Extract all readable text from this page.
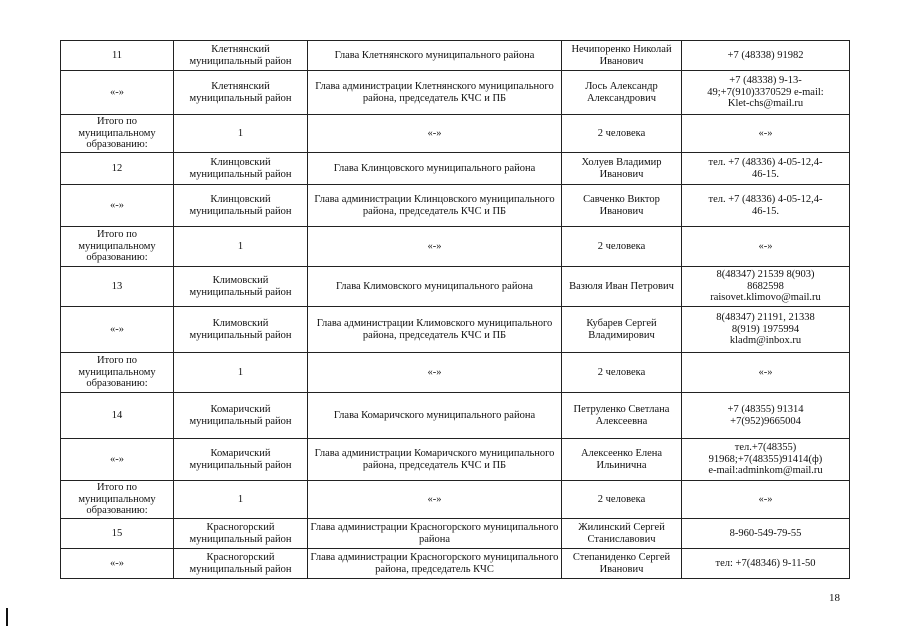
11	Клетнянский муниципальный район	Глава Клетнянского муниципального района	Нечипоренко Николай Иванович	+7 (48338) 91982
«-»	Клетнянский муниципальный район	Глава администрации Клетнянского муниципального района, председатель КЧС и ПБ	Лось Александр Александрович	+7 (48338) 9-13-
49;+7(910)3370529 e-mail:
Klet-chs@mail.ru
Итого по муниципальному образованию:	1	«-»	2 человека	«-»
12	Клинцовский муниципальный район	Глава Клинцовского муниципального района	Холуев Владимир Иванович	тел. +7 (48336) 4-05-12,4-
46-15.
«-»	Клинцовский муниципальный район	Глава администрации Клинцовского муниципального района, председатель КЧС и ПБ	Савченко Виктор Иванович	тел. +7 (48336) 4-05-12,4-
46-15.
Итого по муниципальному образованию:	1	«-»	2 человека	«-»
13	Климовский муниципальный район	Глава Климовского муниципального района	Вазюля Иван Петрович	8(48347) 21539 8(903)
8682598
raisovet.klimovo@mail.ru
«-»	Климовский муниципальный район	Глава администрации Климовского муниципального района, председатель КЧС и ПБ	Кубарев Сергей Владимирович	8(48347) 21191, 21338
8(919) 1975994
kladm@inbox.ru
Итого по муниципальному образованию:	1	«-»	2 человека	«-»
14	Комаричский муниципальный район	Глава Комаричского муниципального района	Петруленко Светлана Алексеевна	+7 (48355) 91314
+7(952)9665004
«-»	Комаричский муниципальный район	Глава администрации Комаричского муниципального района, председатель КЧС и ПБ	Алексеенко Елена Ильинична	тел.+7(48355)
91968;+7(48355)91414(ф)
e-mail:adminkom@mail.ru
Итого по муниципальному образованию:	1	«-»	2 человека	«-»
15	Красногорский муниципальный район	Глава администрации Красногорского муниципального района	Жилинский Сергей Станиславович	8-960-549-79-55
«-»	Красногорский муниципальный район	Глава администрации Красногорского муниципального района, председатель КЧС	Степаниденко Сергей Иванович	тел: +7(48346) 9-11-50
18
